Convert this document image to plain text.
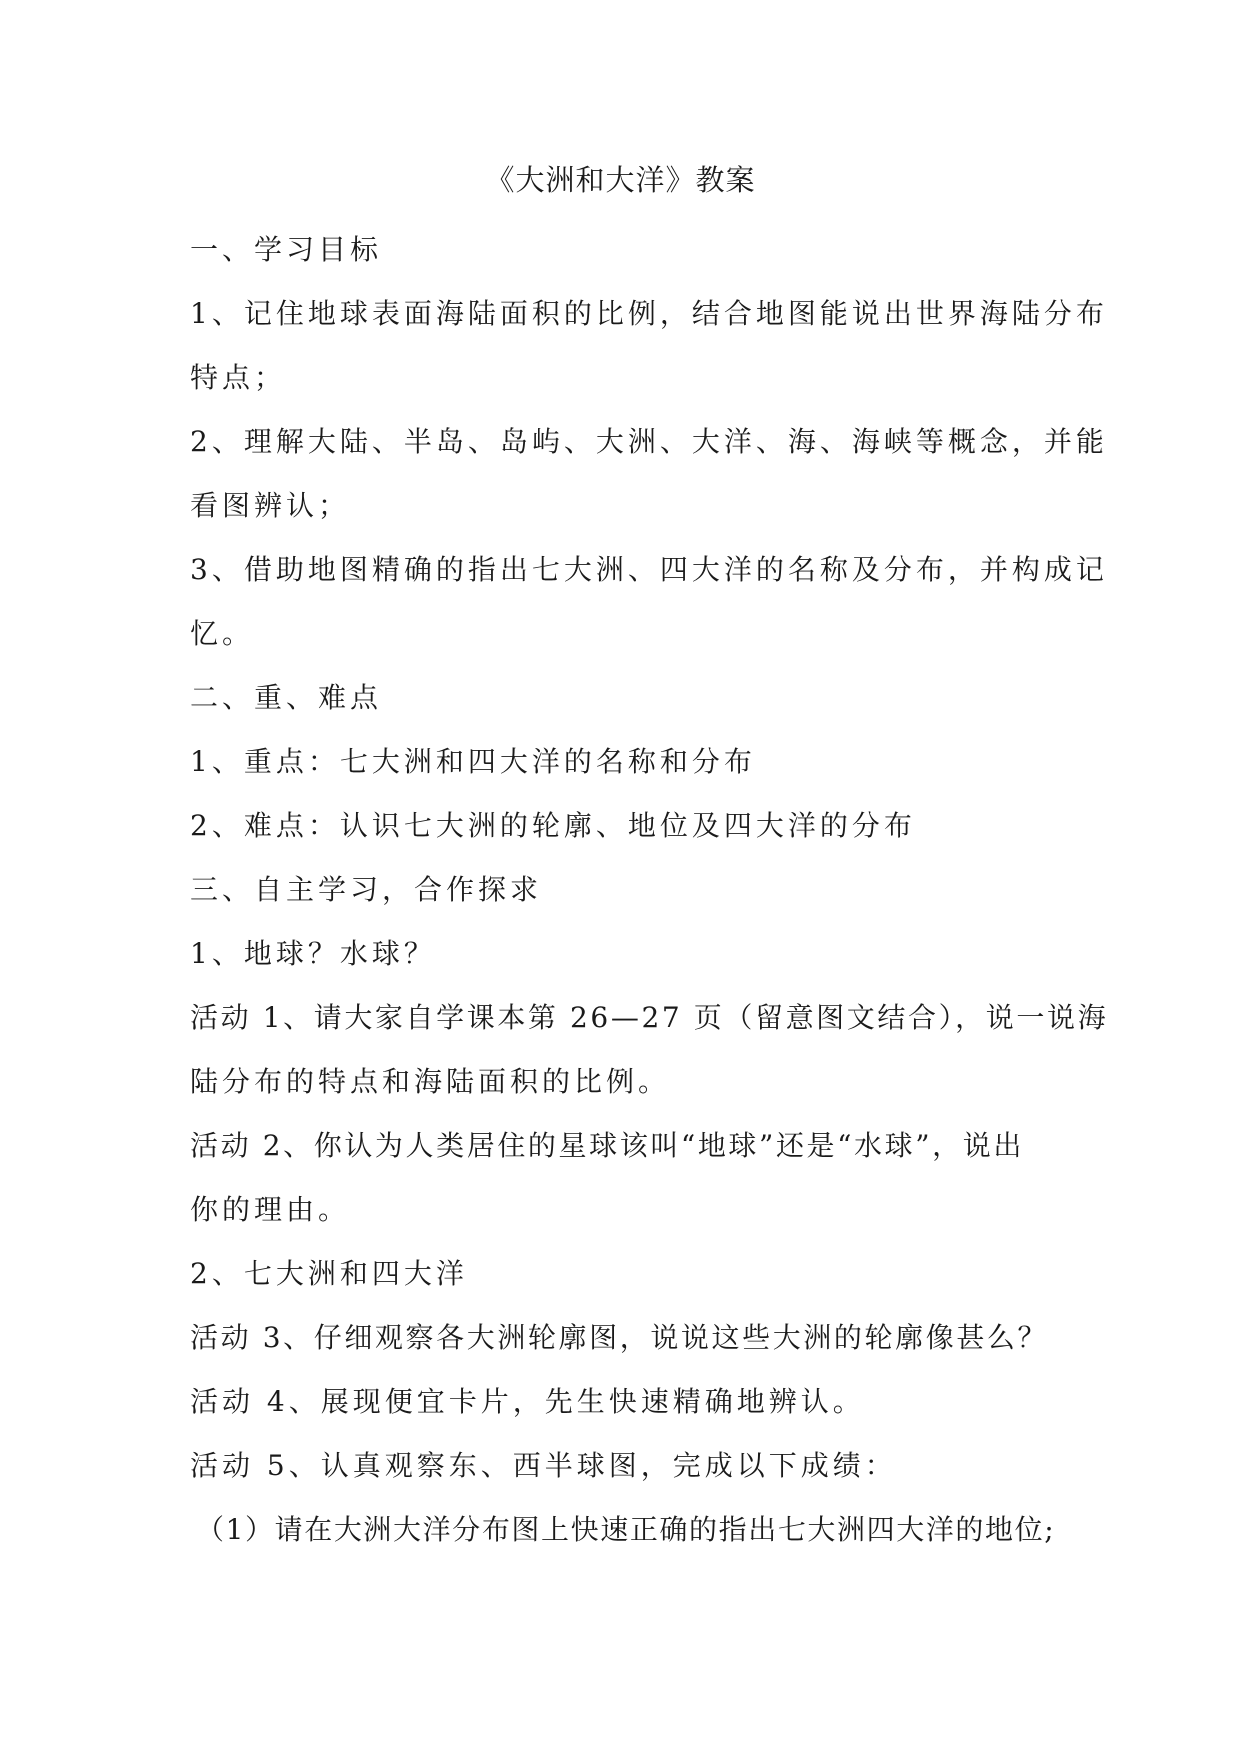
《大洲和大洋》教案
一、学习目标
1、记住地球表面海陆面积的比例，结合地图能说出世界海陆分布
特点；
2、理解大陆、半岛、岛屿、大洲、大洋、海、海峡等概念，并能
看图辨认；
3、借助地图精确的指出七大洲、四大洋的名称及分布，并构成记
忆。
二、重、难点
1、重点：七大洲和四大洋的名称和分布
2、难点：认识七大洲的轮廓、地位及四大洋的分布
三、自主学习，合作探求
1、地球？水球？
活动 1、请大家自学课本第 26—27 页（留意图文结合），说一说海
陆分布的特点和海陆面积的比例。
活动 2、你认为人类居住的星球该叫“地球”还是“水球”，说出
你的理由。
2、七大洲和四大洋
活动 3、仔细观察各大洲轮廓图，说说这些大洲的轮廓像甚么？
活动 4、展现便宜卡片，先生快速精确地辨认。
活动 5、认真观察东、西半球图，完成以下成绩：
（1）请在大洲大洋分布图上快速正确的指出七大洲四大洋的地位;
